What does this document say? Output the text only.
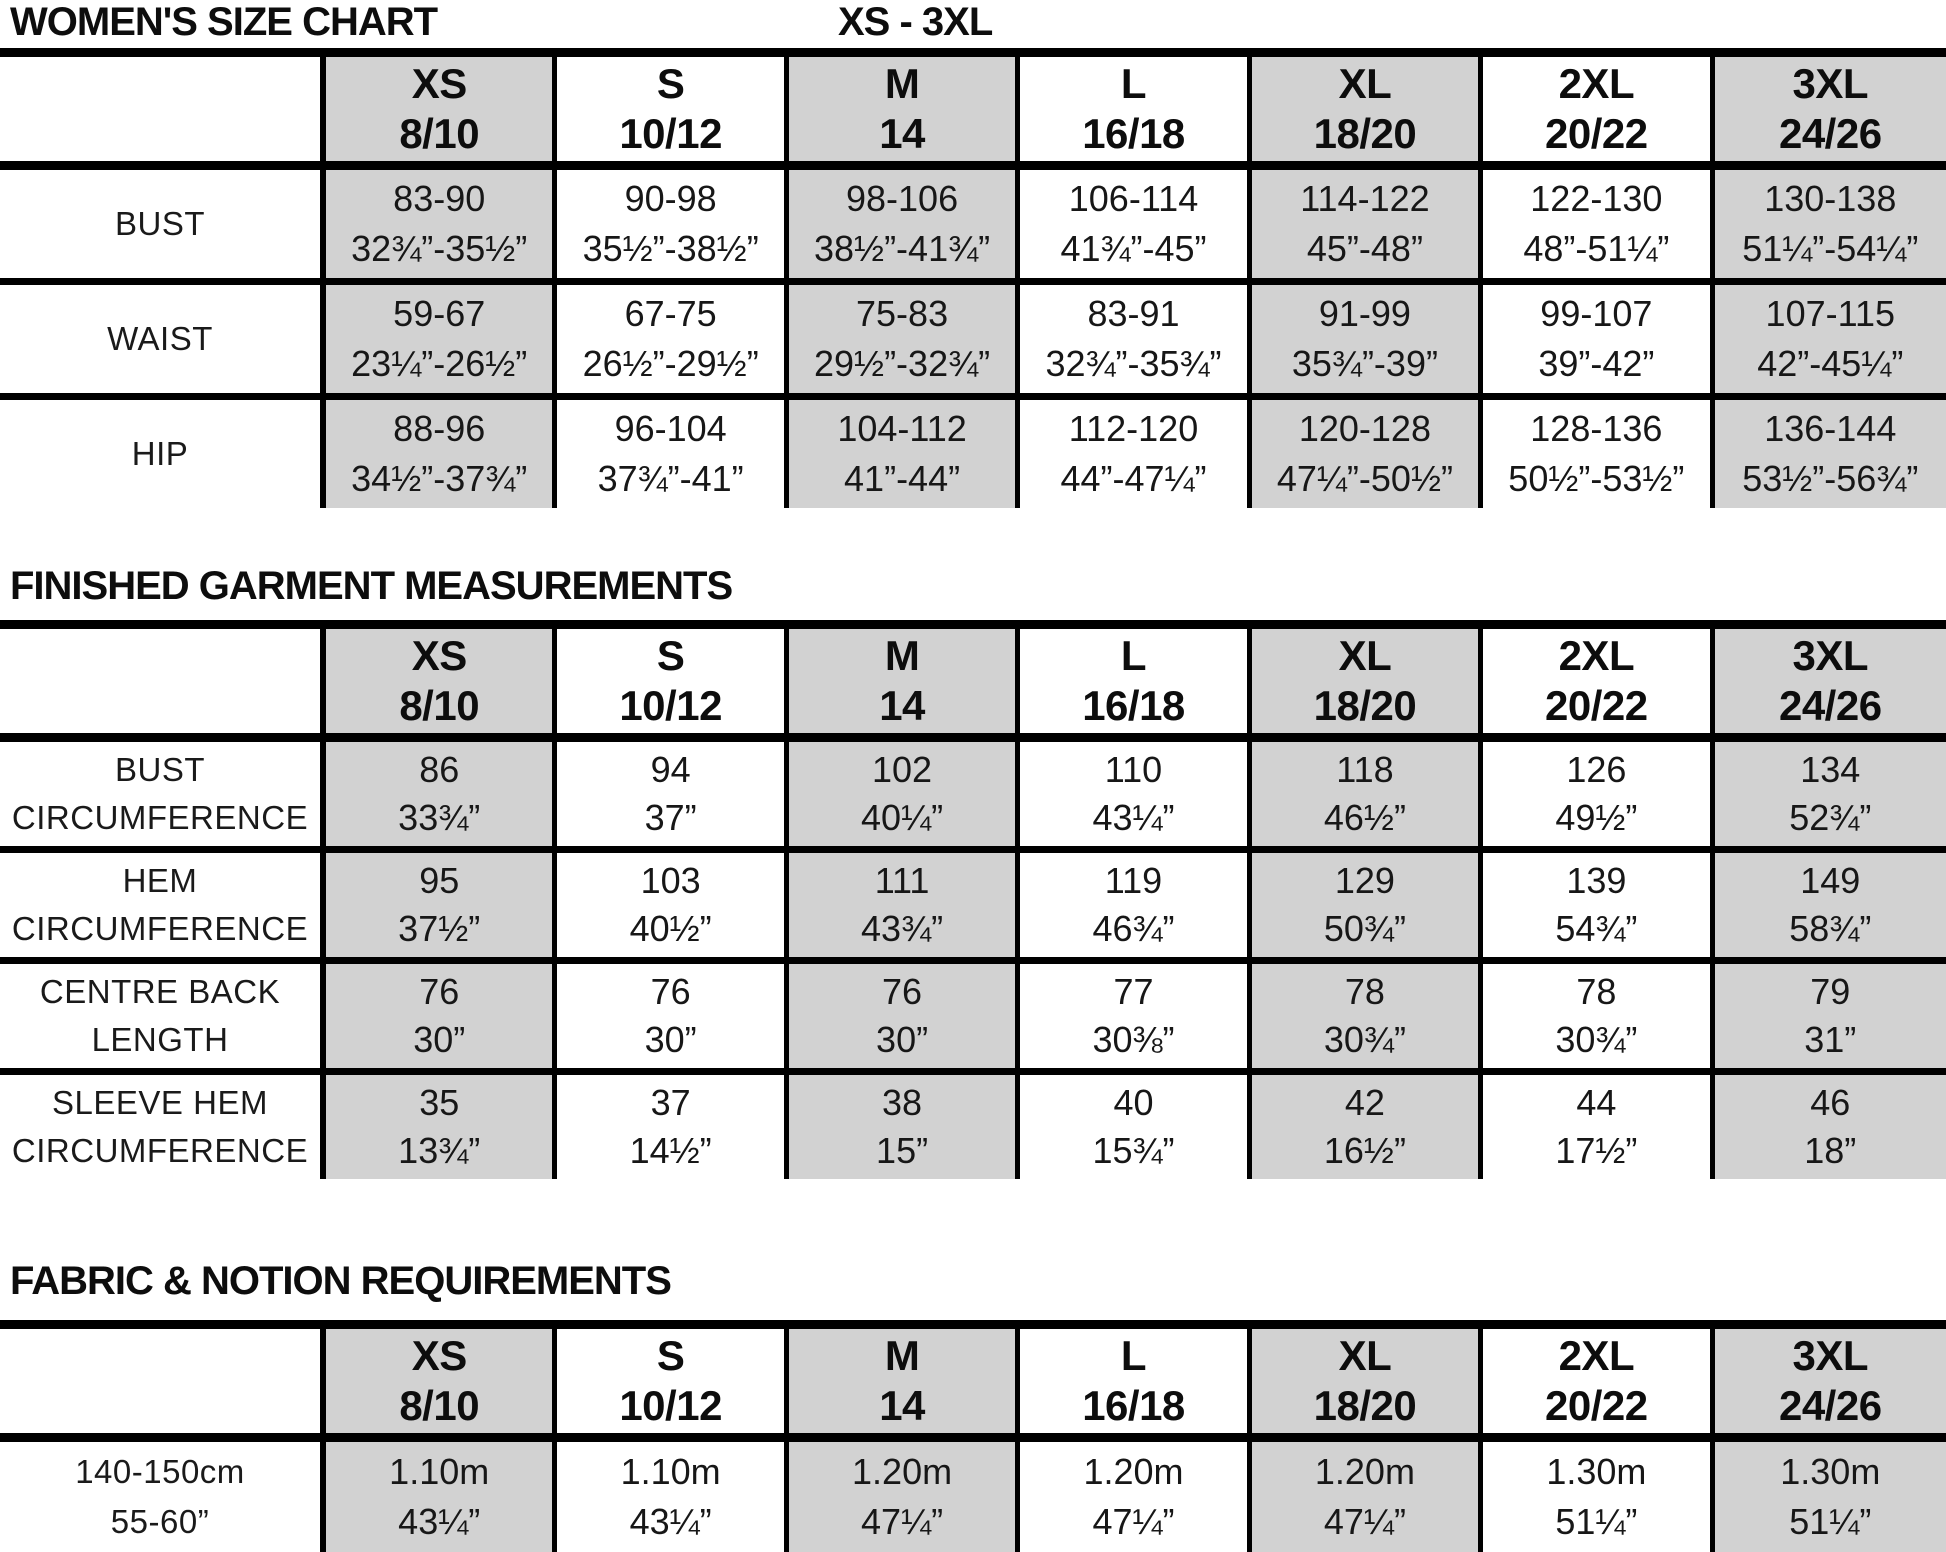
WOMEN'S SIZE CHART	XS - 3XL
XS
8/10
S
10/12
M
14
L
16/18
XL
18/20
2XL
20/22
3XL
24/26
BUST
83-90
32¾”-35½”
90-98
35½”-38½”
98-106
38½”-41¾”
106-114
41¾”-45”
114-122
45”-48”
122-130
48”-51¼”
130-138
51¼”-54¼”
WAIST
59-67
23¼”-26½”
67-75
26½”-29½”
75-83
29½”-32¾”
83-91
32¾”-35¾”
91-99
35¾”-39”
99-107
39”-42”
107-115
42”-45¼”
HIP
88-96
34½”-37¾”
96-104
37¾”-41”
104-112
41”-44”
112-120
44”-47¼”
120-128
47¼”-50½”
128-136
50½”-53½”
136-144
53½”-56¾”
FINISHED GARMENT MEASUREMENTS
XS
8/10
S
10/12
M
14
L
16/18
XL
18/20
2XL
20/22
3XL
24/26
BUST
CIRCUMFERENCE
86
33¾”
94
37”
102
40¼”
110
43¼”
118
46½”
126
49½”
134
52¾”
HEM
CIRCUMFERENCE
95
37½”
103
40½”
111
43¾”
119
46¾”
129
50¾”
139
54¾”
149
58¾”
CENTRE BACK
LENGTH
76
30”
76
30”
76
30”
77
30⅜”
78
30¾”
78
30¾”
79
31”
SLEEVE HEM
CIRCUMFERENCE
35
13¾”
37
14½”
38
15”
40
15¾”
42
16½”
44
17½”
46
18”
FABRIC & NOTION REQUIREMENTS
XS
8/10
S
10/12
M
14
L
16/18
XL
18/20
2XL
20/22
3XL
24/26
140-150cm
55-60”
1.10m
43¼”
1.10m
43¼”
1.20m
47¼”
1.20m
47¼”
1.20m
47¼”
1.30m
51¼”
1.30m
51¼”
